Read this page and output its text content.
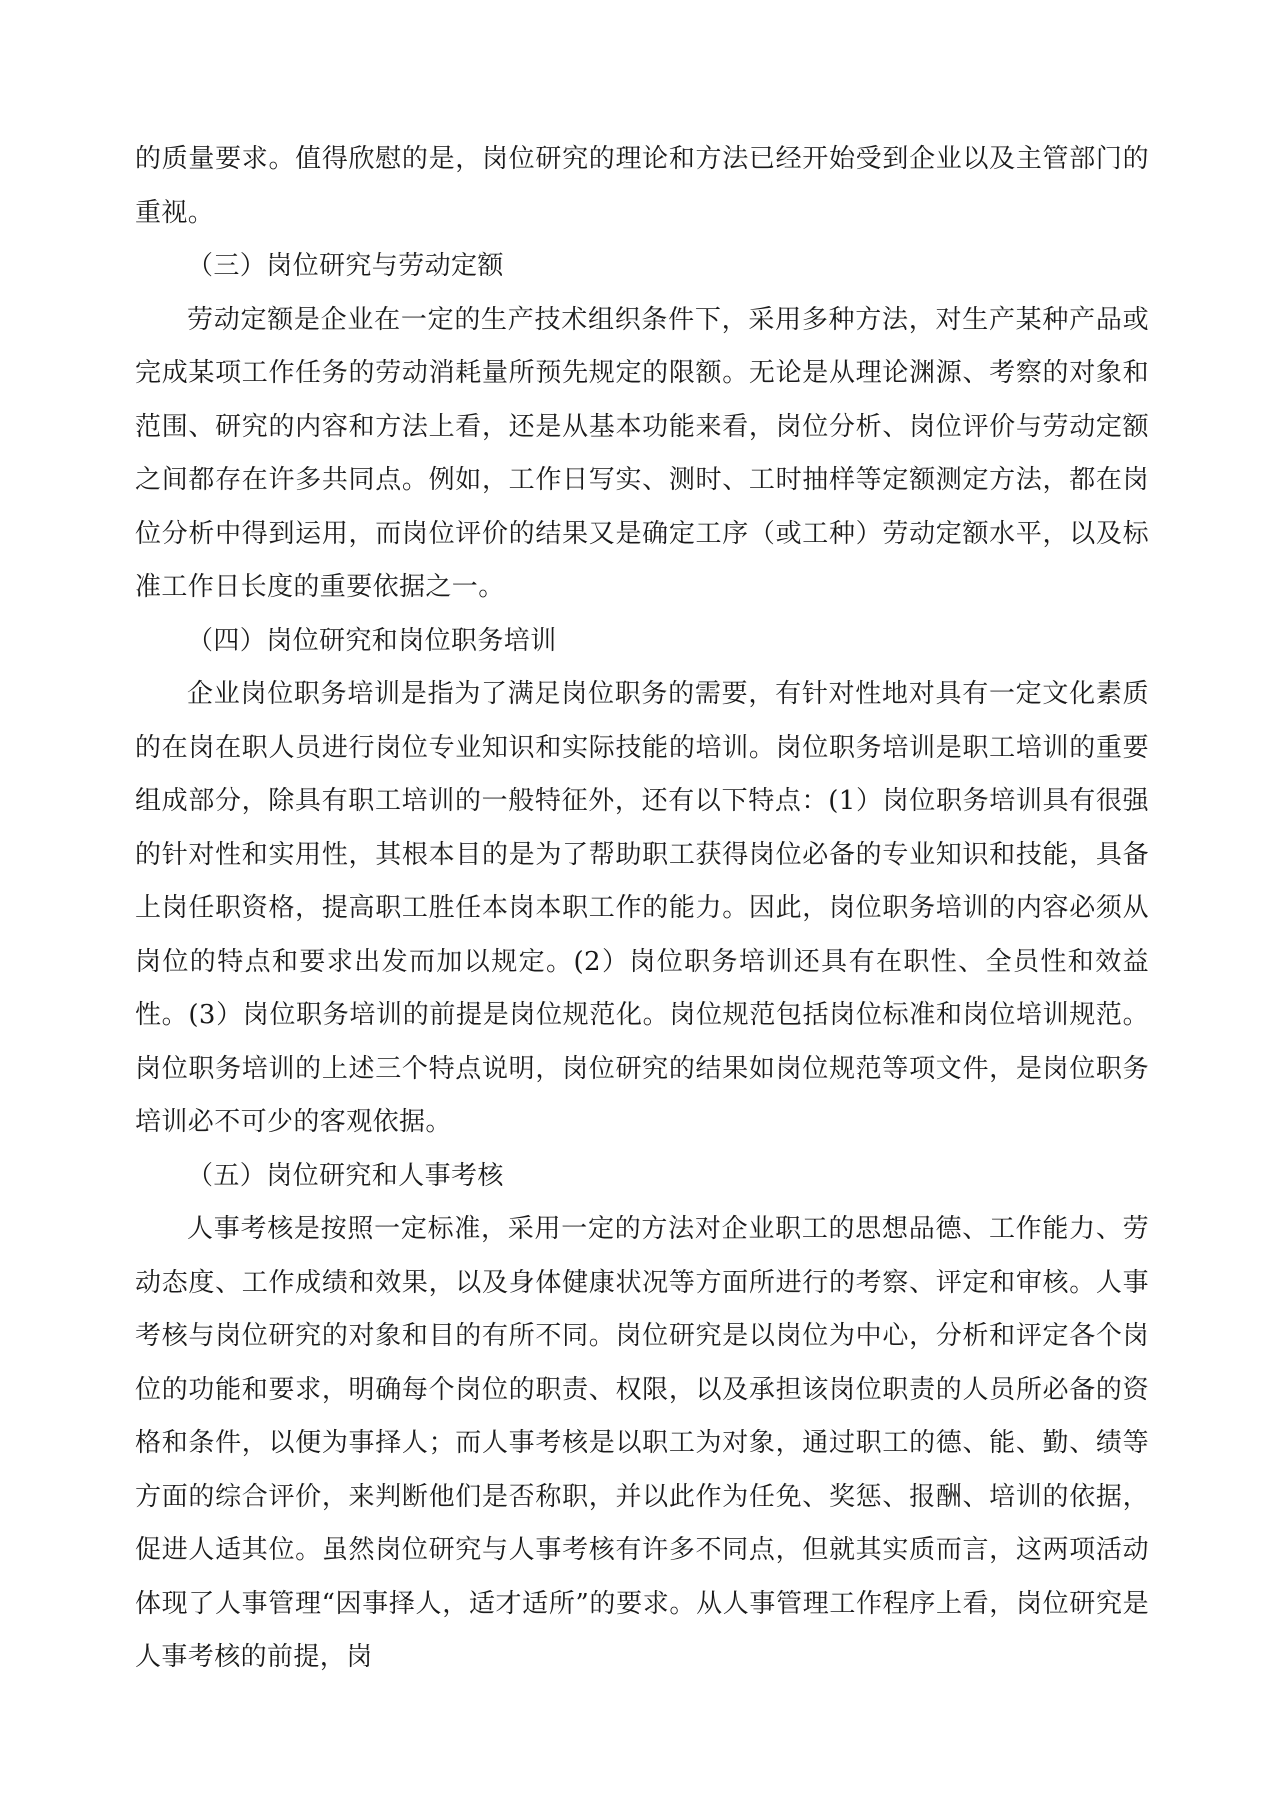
的质量要求。值得欣慰的是，岗位研究的理论和方法已经开始受到企业以及主管部门的重视。

（三）岗位研究与劳动定额

劳动定额是企业在一定的生产技术组织条件下，采用多种方法，对生产某种产品或完成某项工作任务的劳动消耗量所预先规定的限额。无论是从理论渊源、考察的对象和范围、研究的内容和方法上看，还是从基本功能来看，岗位分析、岗位评价与劳动定额之间都存在许多共同点。例如，工作日写实、测时、工时抽样等定额测定方法，都在岗位分析中得到运用，而岗位评价的结果又是确定工序（或工种）劳动定额水平，以及标准工作日长度的重要依据之一。

（四）岗位研究和岗位职务培训

企业岗位职务培训是指为了满足岗位职务的需要，有针对性地对具有一定文化素质的在岗在职人员进行岗位专业知识和实际技能的培训。岗位职务培训是职工培训的重要组成部分，除具有职工培训的一般特征外，还有以下特点：(1）岗位职务培训具有很强的针对性和实用性，其根本目的是为了帮助职工获得岗位必备的专业知识和技能，具备上岗任职资格，提高职工胜任本岗本职工作的能力。因此，岗位职务培训的内容必须从岗位的特点和要求出发而加以规定。(2）岗位职务培训还具有在职性、全员性和效益性。(3）岗位职务培训的前提是岗位规范化。岗位规范包括岗位标准和岗位培训规范。岗位职务培训的上述三个特点说明，岗位研究的结果如岗位规范等项文件，是岗位职务培训必不可少的客观依据。

（五）岗位研究和人事考核

人事考核是按照一定标准，采用一定的方法对企业职工的思想品德、工作能力、劳动态度、工作成绩和效果，以及身体健康状况等方面所进行的考察、评定和审核。人事考核与岗位研究的对象和目的有所不同。岗位研究是以岗位为中心，分析和评定各个岗位的功能和要求，明确每个岗位的职责、权限，以及承担该岗位职责的人员所必备的资格和条件，以便为事择人；而人事考核是以职工为对象，通过职工的德、能、勤、绩等方面的综合评价，来判断他们是否称职，并以此作为任免、奖惩、报酬、培训的依据，促进人适其位。虽然岗位研究与人事考核有许多不同点，但就其实质而言，这两项活动体现了人事管理“因事择人，适才适所”的要求。从人事管理工作程序上看，岗位研究是人事考核的前提，岗
